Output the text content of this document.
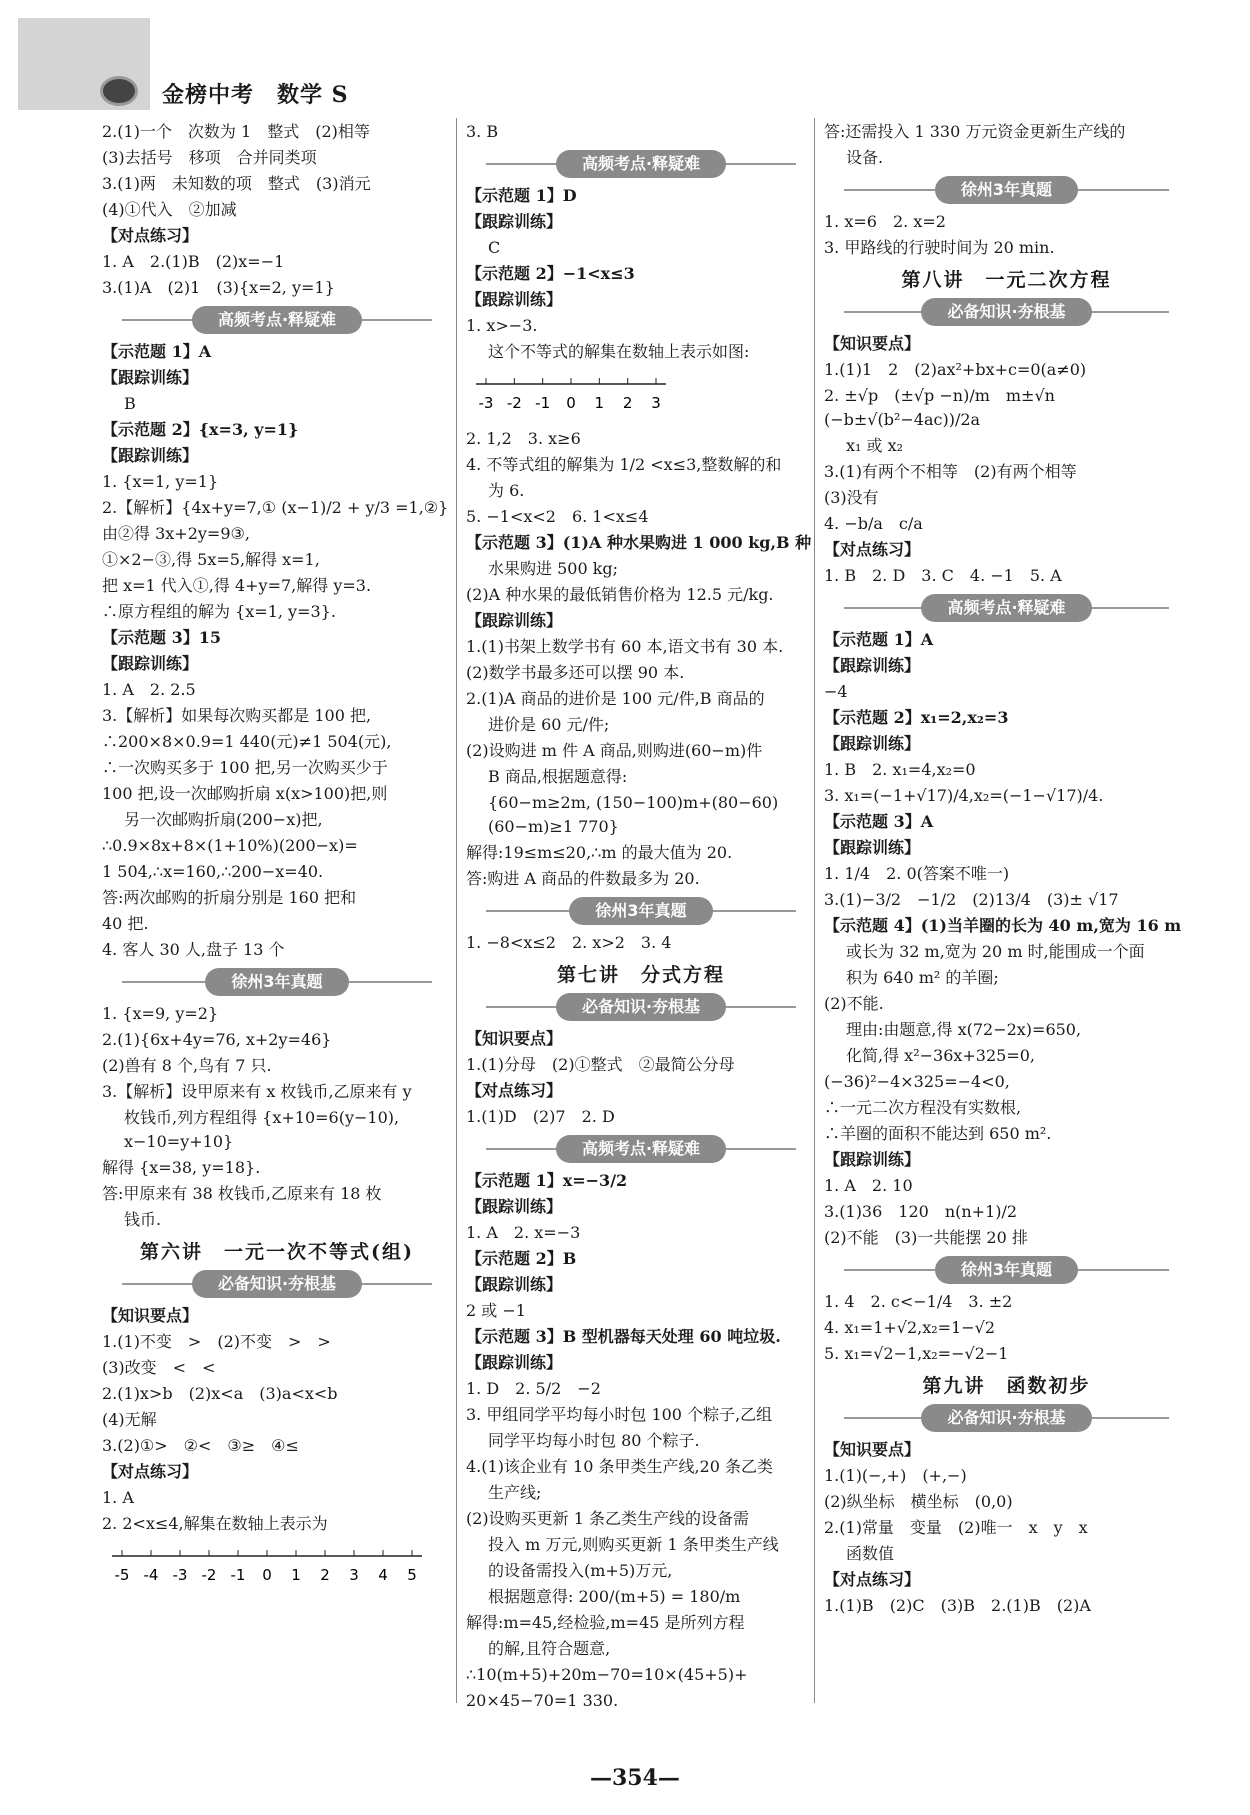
金榜中考　数学 S
2.(1)一个　次数为 1　整式　(2)相等
(3)去括号　移项　合并同类项
3.(1)两　未知数的项　整式　(3)消元
(4)①代入　②加减
【对点练习】
1. A　2.(1)B　(2)x=−1
3.(1)A　(2)1　(3){x=2, y=1}
高频考点·释疑难
【示范题 1】A
【跟踪训练】
B
【示范题 2】{x=3, y=1}
【跟踪训练】
1. {x=1, y=1}
2.【解析】{4x+y=7,① (x−1)/2 + y/3 =1,②}
由②得 3x+2y=9③,
①×2−③,得 5x=5,解得 x=1,
把 x=1 代入①,得 4+y=7,解得 y=3.
∴原方程组的解为 {x=1, y=3}.
【示范题 3】15
【跟踪训练】
1. A　2. 2.5
3.【解析】如果每次购买都是 100 把,
∴200×8×0.9=1 440(元)≠1 504(元),
∴一次购买多于 100 把,另一次购买少于
100 把,设一次邮购折扇 x(x>100)把,则
另一次邮购折扇(200−x)把,
∴0.9×8x+8×(1+10%)(200−x)=
1 504,∴x=160,∴200−x=40.
答:两次邮购的折扇分别是 160 把和
40 把.
4. 客人 30 人,盘子 13 个
徐州3年真题
1. {x=9, y=2}
2.(1){6x+4y=76, x+2y=46}
(2)兽有 8 个,鸟有 7 只.
3.【解析】设甲原来有 x 枚钱币,乙原来有 y
枚钱币,列方程组得 {x+10=6(y−10), x−10=y+10}
解得 {x=38, y=18}.
答:甲原来有 38 枚钱币,乙原来有 18 枚
钱币.
第六讲　一元一次不等式(组)
必备知识·夯根基
【知识要点】
1.(1)不变　>　(2)不变　>　>
(3)改变　<　<
2.(1)x>b　(2)x<a　(3)a<x<b
(4)无解
3.(2)①>　②<　③≥　④≤
【对点练习】
1. A
2. 2<x≤4,解集在数轴上表示为
-5 -4 -3 -2 -1 0 1 2 3 4 5
3. B
高频考点·释疑难
【示范题 1】D
【跟踪训练】
C
【示范题 2】−1<x≤3
【跟踪训练】
1. x>−3.
这个不等式的解集在数轴上表示如图:
-3 -2 -1 0 1 2 3
2. 1,2　3. x≥6
4. 不等式组的解集为 1/2 <x≤3,整数解的和
为 6.
5. −1<x<2　6. 1<x≤4
【示范题 3】(1)A 种水果购进 1 000 kg,B 种
水果购进 500 kg;
(2)A 种水果的最低销售价格为 12.5 元/kg.
【跟踪训练】
1.(1)书架上数学书有 60 本,语文书有 30 本.
(2)数学书最多还可以摆 90 本.
2.(1)A 商品的进价是 100 元/件,B 商品的
进价是 60 元/件;
(2)设购进 m 件 A 商品,则购进(60−m)件
B 商品,根据题意得:
{60−m≥2m, (150−100)m+(80−60)(60−m)≥1 770}
解得:19≤m≤20,∴m 的最大值为 20.
答:购进 A 商品的件数最多为 20.
徐州3年真题
1. −8<x≤2　2. x>2　3. 4
第七讲　分式方程
必备知识·夯根基
【知识要点】
1.(1)分母　(2)①整式　②最简公分母
【对点练习】
1.(1)D　(2)7　2. D
高频考点·释疑难
【示范题 1】x=−3/2
【跟踪训练】
1. A　2. x=−3
【示范题 2】B
【跟踪训练】
2 或 −1
【示范题 3】B 型机器每天处理 60 吨垃圾.
【跟踪训练】
1. D　2. 5/2　−2
3. 甲组同学平均每小时包 100 个粽子,乙组
同学平均每小时包 80 个粽子.
4.(1)该企业有 10 条甲类生产线,20 条乙类
生产线;
(2)设购买更新 1 条乙类生产线的设备需
投入 m 万元,则购买更新 1 条甲类生产线
的设备需投入(m+5)万元,
根据题意得: 200/(m+5) = 180/m
解得:m=45,经检验,m=45 是所列方程
的解,且符合题意,
∴10(m+5)+20m−70=10×(45+5)+
20×45−70=1 330.
答:还需投入 1 330 万元资金更新生产线的
设备.
徐州3年真题
1. x=6　2. x=2
3. 甲路线的行驶时间为 20 min.
第八讲　一元二次方程
必备知识·夯根基
【知识要点】
1.(1)1　2　(2)ax²+bx+c=0(a≠0)
2. ±√p　(±√p −n)/m　m±√n　(−b±√(b²−4ac))/2a
x₁ 或 x₂
3.(1)有两个不相等　(2)有两个相等
(3)没有
4. −b/a　c/a
【对点练习】
1. B　2. D　3. C　4. −1　5. A
高频考点·释疑难
【示范题 1】A
【跟踪训练】
−4
【示范题 2】x₁=2,x₂=3
【跟踪训练】
1. B　2. x₁=4,x₂=0
3. x₁=(−1+√17)/4,x₂=(−1−√17)/4.
【示范题 3】A
【跟踪训练】
1. 1/4　2. 0(答案不唯一)
3.(1)−3/2　−1/2　(2)13/4　(3)± √17
【示范题 4】(1)当羊圈的长为 40 m,宽为 16 m
或长为 32 m,宽为 20 m 时,能围成一个面
积为 640 m² 的羊圈;
(2)不能.
理由:由题意,得 x(72−2x)=650,
化简,得 x²−36x+325=0,
(−36)²−4×325=−4<0,
∴一元二次方程没有实数根,
∴羊圈的面积不能达到 650 m².
【跟踪训练】
1. A　2. 10
3.(1)36　120　n(n+1)/2
(2)不能　(3)一共能摆 20 排
徐州3年真题
1. 4　2. c<−1/4　3. ±2
4. x₁=1+√2,x₂=1−√2
5. x₁=√2−1,x₂=−√2−1
第九讲　函数初步
必备知识·夯根基
【知识要点】
1.(1)(−,+)　(+,−)
(2)纵坐标　横坐标　(0,0)
2.(1)常量　变量　(2)唯一　x　y　x
函数值
【对点练习】
1.(1)B　(2)C　(3)B　2.(1)B　(2)A
—354—
